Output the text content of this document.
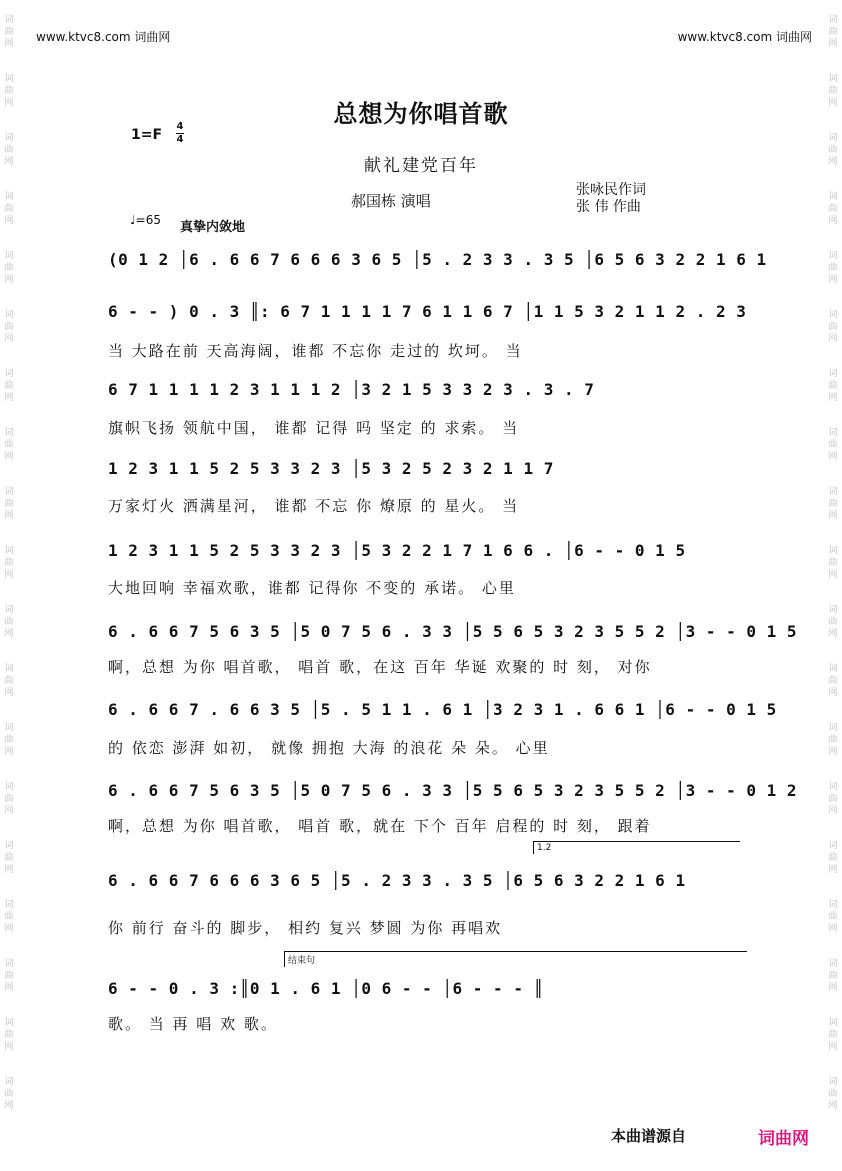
词
曲
网
词
曲
网
词
曲
网
词
曲
网
词
曲
网
词
曲
网
词
曲
网
词
曲
网
词
曲
网
词
曲
网
词
曲
网
词
曲
网
词
曲
网
词
曲
网
词
曲
网
词
曲
网
词
曲
网
词
曲
网
词
曲
网
词
曲
网
词
曲
网
词
曲
网
词
曲
网
词
曲
网
词
曲
网
词
曲
网
词
曲
网
词
曲
网
词
曲
网
词
曲
网
词
曲
网
词
曲
网
词
曲
网
词
曲
网
词
曲
网
词
曲
网
词
曲
网
词
曲
网
www.ktvc8.com 词曲网	www.ktvc8.com 词曲网
总想为你唱首歌
1=F
4
4
献礼建党百年
郝国栋 演唱
张咏民作词
张 伟 作曲
♩=65 真挚内敛地
(0 1 2 │6 . 6 6 7 6 6 6 3 6 5 │5 . 2 3 3 . 3 5 │6 5 6 3 2 2 1 6 1
6 - - ) 0 . 3 ║: 6 7 1 1 1 1 7 6 1 1 6 7 │1 1 5 3 2 1 1 2 . 2 3
当 大路在前 天高海阔，谁都 不忘你 走过的 坎坷。 当
6 7 1 1 1 1 2 3 1 1 1 2 │3 2 1 5 3 3 2 3 . 3 . 7
旗帜飞扬 领航中国， 谁都 记得 吗 坚定 的 求索。 当
1 2 3 1 1 5 2 5 3 3 2 3 │5 3 2 5 2 3 2 1 1 7
万家灯火 洒满星河， 谁都 不忘 你 燎原 的 星火。 当
1 2 3 1 1 5 2 5 3 3 2 3 │5 3 2 2 1 7 1 6 6 . │6 - - 0 1 5
大地回响 幸福欢歌，谁都 记得你 不变的 承诺。 心里
6 . 6 6 7 5 6 3 5 │5 0 7 5 6 . 3 3 │5 5 6 5 3 2 3 5 5 2 │3 - - 0 1 5
啊，总想 为你 唱首歌， 唱首 歌，在这 百年 华诞 欢聚的 时 刻， 对你
6 . 6 6 7 . 6 6 3 5 │5 . 5 1 1 . 6 1 │3 2 3 1 . 6 6 1 │6 - - 0 1 5
的 依恋 澎湃 如初， 就像 拥抱 大海 的浪花 朵 朵。 心里
6 . 6 6 7 5 6 3 5 │5 0 7 5 6 . 3 3 │5 5 6 5 3 2 3 5 5 2 │3 - - 0 1 2
啊，总想 为你 唱首歌， 唱首 歌，就在 下个 百年 启程的 时 刻， 跟着
1.2
6 . 6 6 7 6 6 6 3 6 5 │5 . 2 3 3 . 3 5 │6 5 6 3 2 2 1 6 1
你 前行 奋斗的 脚步， 相约 复兴 梦圆 为你 再唱欢
结束句
6 - - 0 . 3 :║0 1 . 6 1 │0 6 - - │6 - - - ║
歌。 当 再 唱 欢 歌。
本曲谱源自	词曲网
